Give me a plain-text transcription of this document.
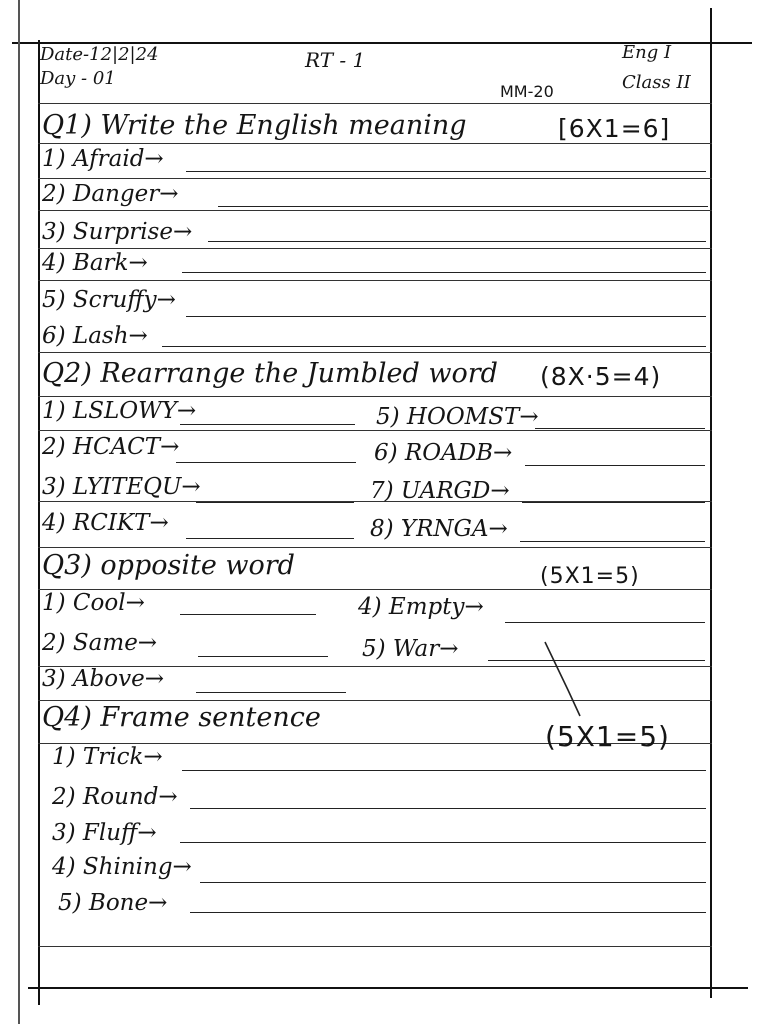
Date-12|2|24
Day - 01
RT - 1	Eng I
Class II
MM-20
Q1) Write the English meaning	[6X1=6]
1) Afraid→
2) Danger→
3) Surprise→
4) Bark→
5) Scruffy→
6) Lash→
Q2) Rearrange the Jumbled word (8X·5=4)
1) LSLOWY→	5) HOOMST→
2) HCACT→	6) ROADB→
3) LYITEQU→	7) UARGD→
4) RCIKT→	8) YRNGA→
Q3) opposite word	(5X1=5)
1) Cool→	4) Empty→
2) Same→	5) War→
3) Above→
Q4) Frame sentence
(5X1=5)
1) Trick→
2) Round→
3) Fluff→
4) Shining→
5) Bone→
